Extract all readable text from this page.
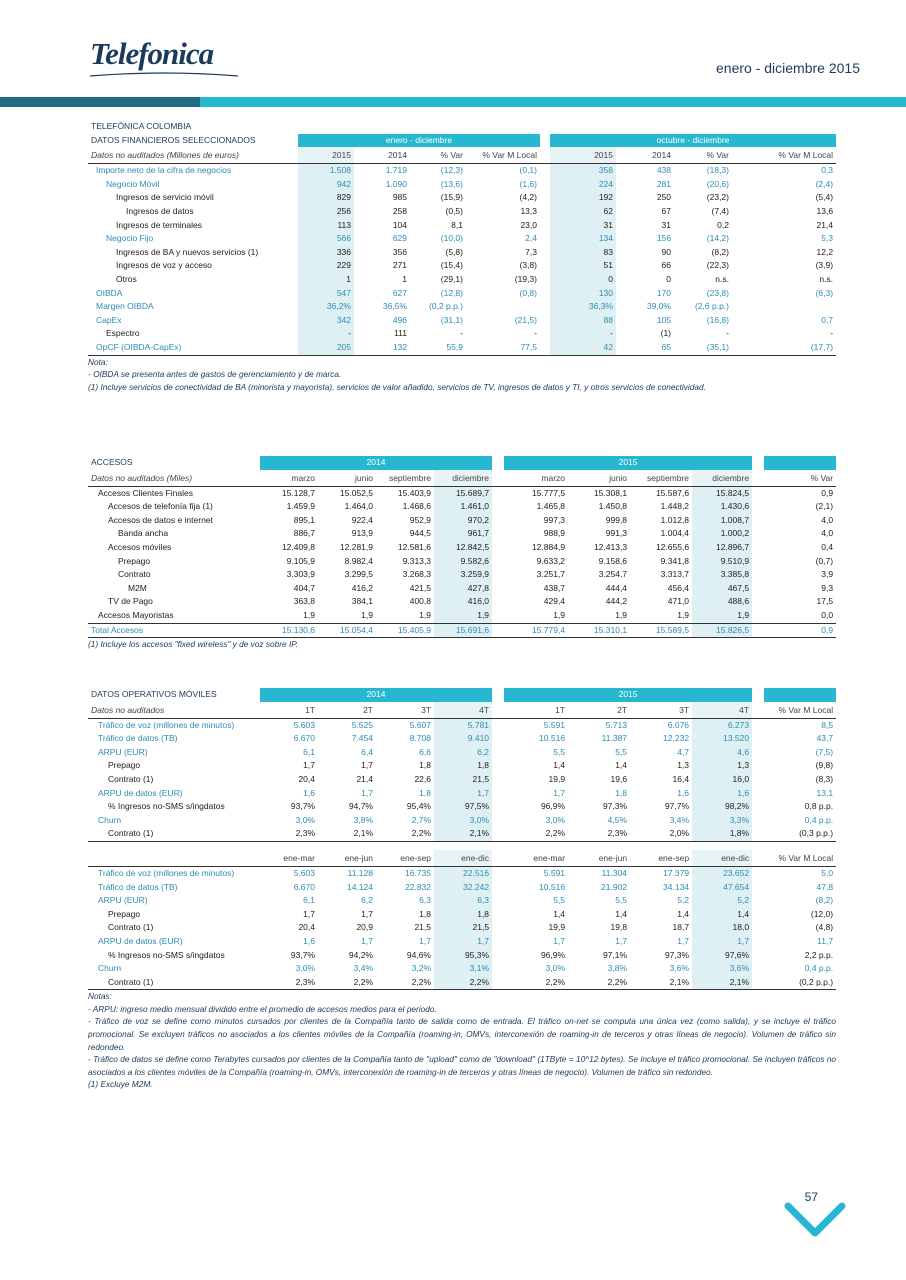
Telefonica	enero - diciembre 2015
TELEFÓNICA COLOMBIA									
DATOS FINANCIEROS SELECCIONADOS	enero - diciembre					octubre - diciembre			
Datos no auditados (Millones de euros)	2015	2014	% Var	% Var M Local		2015	2014	% Var	% Var M Local
Importe neto de la cifra de negocios	1.508	1.719	(12,3)	(0,1)		358	438	(18,3)	0,3
Negocio Móvil	942	1.090	(13,6)	(1,6)		224	281	(20,6)	(2,4)
Ingresos de servicio móvil	829	985	(15,9)	(4,2)		192	250	(23,2)	(5,4)
Ingresos de datos	256	258	(0,5)	13,3		62	67	(7,4)	13,6
Ingresos de terminales	113	104	8,1	23,0		31	31	0,2	21,4
Negocio Fijo	566	629	(10,0)	2,4		134	156	(14,2)	5,3
Ingresos de BA y nuevos servicios (1)	336	356	(5,8)	7,3		83	90	(8,2)	12,2
Ingresos de voz y acceso	229	271	(15,4)	(3,8)		51	66	(22,3)	(3,9)
Otros	1	1	(29,1)	(19,3)		0	0	n.s.	n.s.
OIBDA	547	627	(12,8)	(0,8)		130	170	(23,8)	(6,3)
Margen OIBDA	36,2%	36,5%	(0,2 p.p.)			36,3%	39,0%	(2,6 p.p.)	
CapEx	342	496	(31,1)	(21,5)		88	105	(16,8)	0,7
Espectro	-	111	-	-		-	(1)	-	-
OpCF (OIBDA-CapEx)	205	132	55,9	77,5		42	65	(35,1)	(17,7)
Nota:
- OIBDA se presenta antes de gastos de gerenciamiento y de marca.
(1) Incluye servicios de conectividad de BA (minorista y mayorista), servicios de valor añadido, servicios de TV, ingresos de datos y TI, y otros servicios de conectividad.
ACCESOS	2014					2015					
Datos no auditados (Miles)	marzo	junio	septiembre	diciembre		marzo	junio	septiembre	diciembre		% Var
Accesos Clientes Finales	15.128,7	15.052,5	15.403,9	15.689,7		15.777,5	15.308,1	15.587,6	15.824,5		0,9
Accesos de telefonía fija (1)	1.459,9	1.464,0	1.468,6	1.461,0		1.465,8	1.450,8	1.448,2	1.430,6		(2,1)
Accesos de datos e internet	895,1	922,4	952,9	970,2		997,3	999,8	1.012,8	1.008,7		4,0
Banda ancha	886,7	913,9	944,5	961,7		988,9	991,3	1.004,4	1.000,2		4,0
Accesos móviles	12.409,8	12.281,9	12.581,6	12.842,5		12.884,9	12.413,3	12.655,6	12.896,7		0,4
Prepago	9.105,9	8.982,4	9.313,3	9.582,6		9.633,2	9.158,6	9.341,8	9.510,9		(0,7)
Contrato	3.303,9	3.299,5	3.268,3	3.259,9		3.251,7	3.254,7	3.313,7	3.385,8		3,9
M2M	404,7	416,2	421,5	427,8		438,7	444,4	456,4	467,5		9,3
TV de Pago	363,8	384,1	400,8	416,0		429,4	444,2	471,0	488,6		17,5
Accesos Mayoristas	1,9	1,9	1,9	1,9		1,9	1,9	1,9	1,9		0,0
Total Accesos	15.130,6	15.054,4	15.405,9	15.691,6		15.779,4	15.310,1	15.589,5	15.826,5		0,9
(1) Incluye los accesos "fixed wireless" y de voz sobre IP.
DATOS OPERATIVOS MÓVILES	2014					2015					
Datos no auditados	1T	2T	3T	4T		1T	2T	3T	4T		% Var M Local
Tráfico de voz (millones de minutos)	5.603	5.525	5.607	5.781		5.591	5.713	6.076	6.273		8,5
Tráfico de datos (TB)	6.670	7.454	8.708	9.410		10.516	11.387	12.232	13.520		43,7
ARPU (EUR)	6,1	6,4	6,6	6,2		5,5	5,5	4,7	4,6		(7,5)
Prepago	1,7	1,7	1,8	1,8		1,4	1,4	1,3	1,3		(9,8)
Contrato (1)	20,4	21,4	22,6	21,5		19,9	19,6	16,4	16,0		(8,3)
ARPU de datos (EUR)	1,6	1,7	1,8	1,7		1,7	1,8	1,6	1,6		13,1
% Ingresos no-SMS s/ingdatos	93,7%	94,7%	95,4%	97,5%		96,9%	97,3%	97,7%	98,2%		0,8 p.p.
Churn	3,0%	3,8%	2,7%	3,0%		3,0%	4,5%	3,4%	3,3%		0,4 p.p.
Contrato (1)	2,3%	2,1%	2,2%	2,1%		2,2%	2,3%	2,0%	1,8%		(0,3 p.p.)

	ene-mar	ene-jun	ene-sep	ene-dic		ene-mar	ene-jun	ene-sep	ene-dic		% Var M Local
Tráfico de voz (millones de minutos)	5.603	11.128	16.735	22.516		5.591	11.304	17.379	23.652		5,0
Tráfico de datos (TB)	6.670	14.124	22.832	32.242		10.516	21.902	34.134	47.654		47,8
ARPU (EUR)	6,1	6,2	6,3	6,3		5,5	5,5	5,2	5,2		(8,2)
Prepago	1,7	1,7	1,8	1,8		1,4	1,4	1,4	1,4		(12,0)
Contrato (1)	20,4	20,9	21,5	21,5		19,9	19,8	18,7	18,0		(4,8)
ARPU de datos (EUR)	1,6	1,7	1,7	1,7		1,7	1,7	1,7	1,7		11,7
% Ingresos no-SMS s/ingdatos	93,7%	94,2%	94,6%	95,3%		96,9%	97,1%	97,3%	97,6%		2,2 p.p.
Churn	3,0%	3,4%	3,2%	3,1%		3,0%	3,8%	3,6%	3,6%		0,4 p.p.
Contrato (1)	2,3%	2,2%	2,2%	2,2%		2,2%	2,2%	2,1%	2,1%		(0,2 p.p.)
Notas:
- ARPU: ingreso medio mensual dividido entre el promedio de accesos medios para el periodo.
- Tráfico de voz se define como minutos cursados por clientes de la Compañía tanto de salida como de entrada. El tráfico on-net se computa una única vez (como salida), y se incluye el tráfico promocional. Se excluyen tráficos no asociados a los clientes móviles de la Compañía (roaming-in, OMVs, interconexión de roaming-in de terceros y otras líneas de negocio). Volumen de tráfico sin redondeo.
- Tráfico de datos se define como Terabytes cursados por clientes de la Compañía tanto de "upload" como de "download" (1TByte = 10^12 bytes). Se incluye el tráfico promocional. Se incluyen tráficos no asociados a los clientes móviles de la Compañía (roaming-in, OMVs, interconexión de roaming-in de terceros y otras líneas de negocio). Volumen de tráfico sin redondeo.
(1) Excluye M2M.
57
